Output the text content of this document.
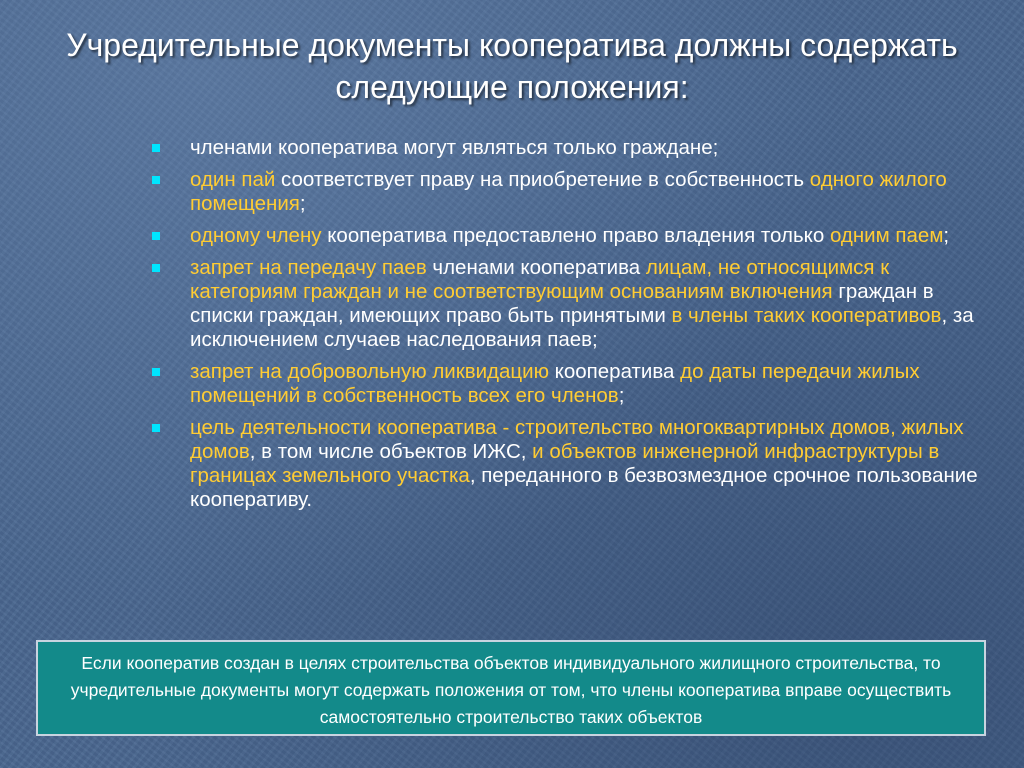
Учредительные документы кооператива должны содержать следующие положения:
членами кооператива могут являться только граждане;
один пай соответствует праву на приобретение в собственность одного жилого помещения;
одному члену кооператива предоставлено право владения только одним паем;
запрет на передачу паев членами кооператива лицам, не относящимся к категориям граждан и не соответствующим основаниям включения граждан в списки граждан, имеющих право быть принятыми в члены таких кооперативов, за исключением случаев наследования паев;
запрет на добровольную ликвидацию кооператива до даты передачи жилых помещений в собственность всех его членов;
цель деятельности кооператива - строительство многоквартирных домов, жилых домов, в том числе объектов ИЖС, и объектов инженерной инфраструктуры в границах земельного участка, переданного в безвозмездное срочное пользование кооперативу.
Если кооператив создан в целях строительства объектов индивидуального жилищного строительства, то учредительные документы могут содержать положения от том, что члены кооператива вправе осуществить самостоятельно строительство таких объектов
